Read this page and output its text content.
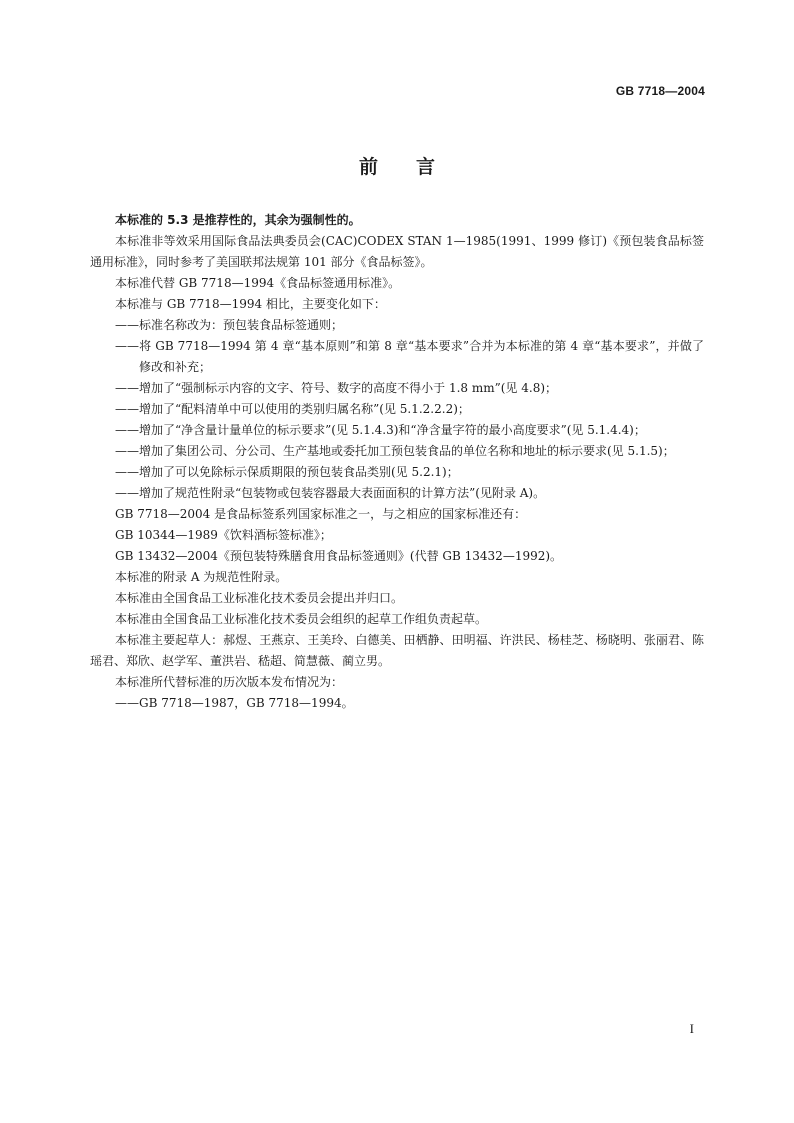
GB 7718—2004
前言

本标准的 5.3 是推荐性的，其余为强制性的。

本标准非等效采用国际食品法典委员会(CAC)CODEX STAN 1—1985(1991、1999 修订)《预包装食品标签通用标准》，同时参考了美国联邦法规第 101 部分《食品标签》。

本标准代替 GB 7718—1994《食品标签通用标准》。

本标准与 GB 7718—1994 相比，主要变化如下：

——标准名称改为：预包装食品标签通则；

——将 GB 7718—1994 第 4 章“基本原则”和第 8 章“基本要求”合并为本标准的第 4 章“基本要求”，并做了修改和补充；

——增加了“强制标示内容的文字、符号、数字的高度不得小于 1.8 mm”(见 4.8)；

——增加了“配料清单中可以使用的类别归属名称”(见 5.1.2.2.2)；

——增加了“净含量计量单位的标示要求”(见 5.1.4.3)和“净含量字符的最小高度要求”(见 5.1.4.4)；

——增加了集团公司、分公司、生产基地或委托加工预包装食品的单位名称和地址的标示要求(见 5.1.5)；

——增加了可以免除标示保质期限的预包装食品类别(见 5.2.1)；

——增加了规范性附录“包装物或包装容器最大表面面积的计算方法”(见附录 A)。

GB 7718—2004 是食品标签系列国家标准之一，与之相应的国家标准还有：

GB 10344—1989《饮料酒标签标准》；

GB 13432—2004《预包装特殊膳食用食品标签通则》(代替 GB 13432—1992)。

本标准的附录 A 为规范性附录。

本标准由全国食品工业标准化技术委员会提出并归口。

本标准由全国食品工业标准化技术委员会组织的起草工作组负责起草。

本标准主要起草人：郝煜、王燕京、王美玲、白德美、田栖静、田明福、许洪民、杨桂芝、杨晓明、张丽君、陈瑶君、郑欣、赵学军、董洪岩、嵇超、简慧薇、蔺立男。

本标准所代替标准的历次版本发布情况为：

——GB 7718—1987，GB 7718—1994。

I
